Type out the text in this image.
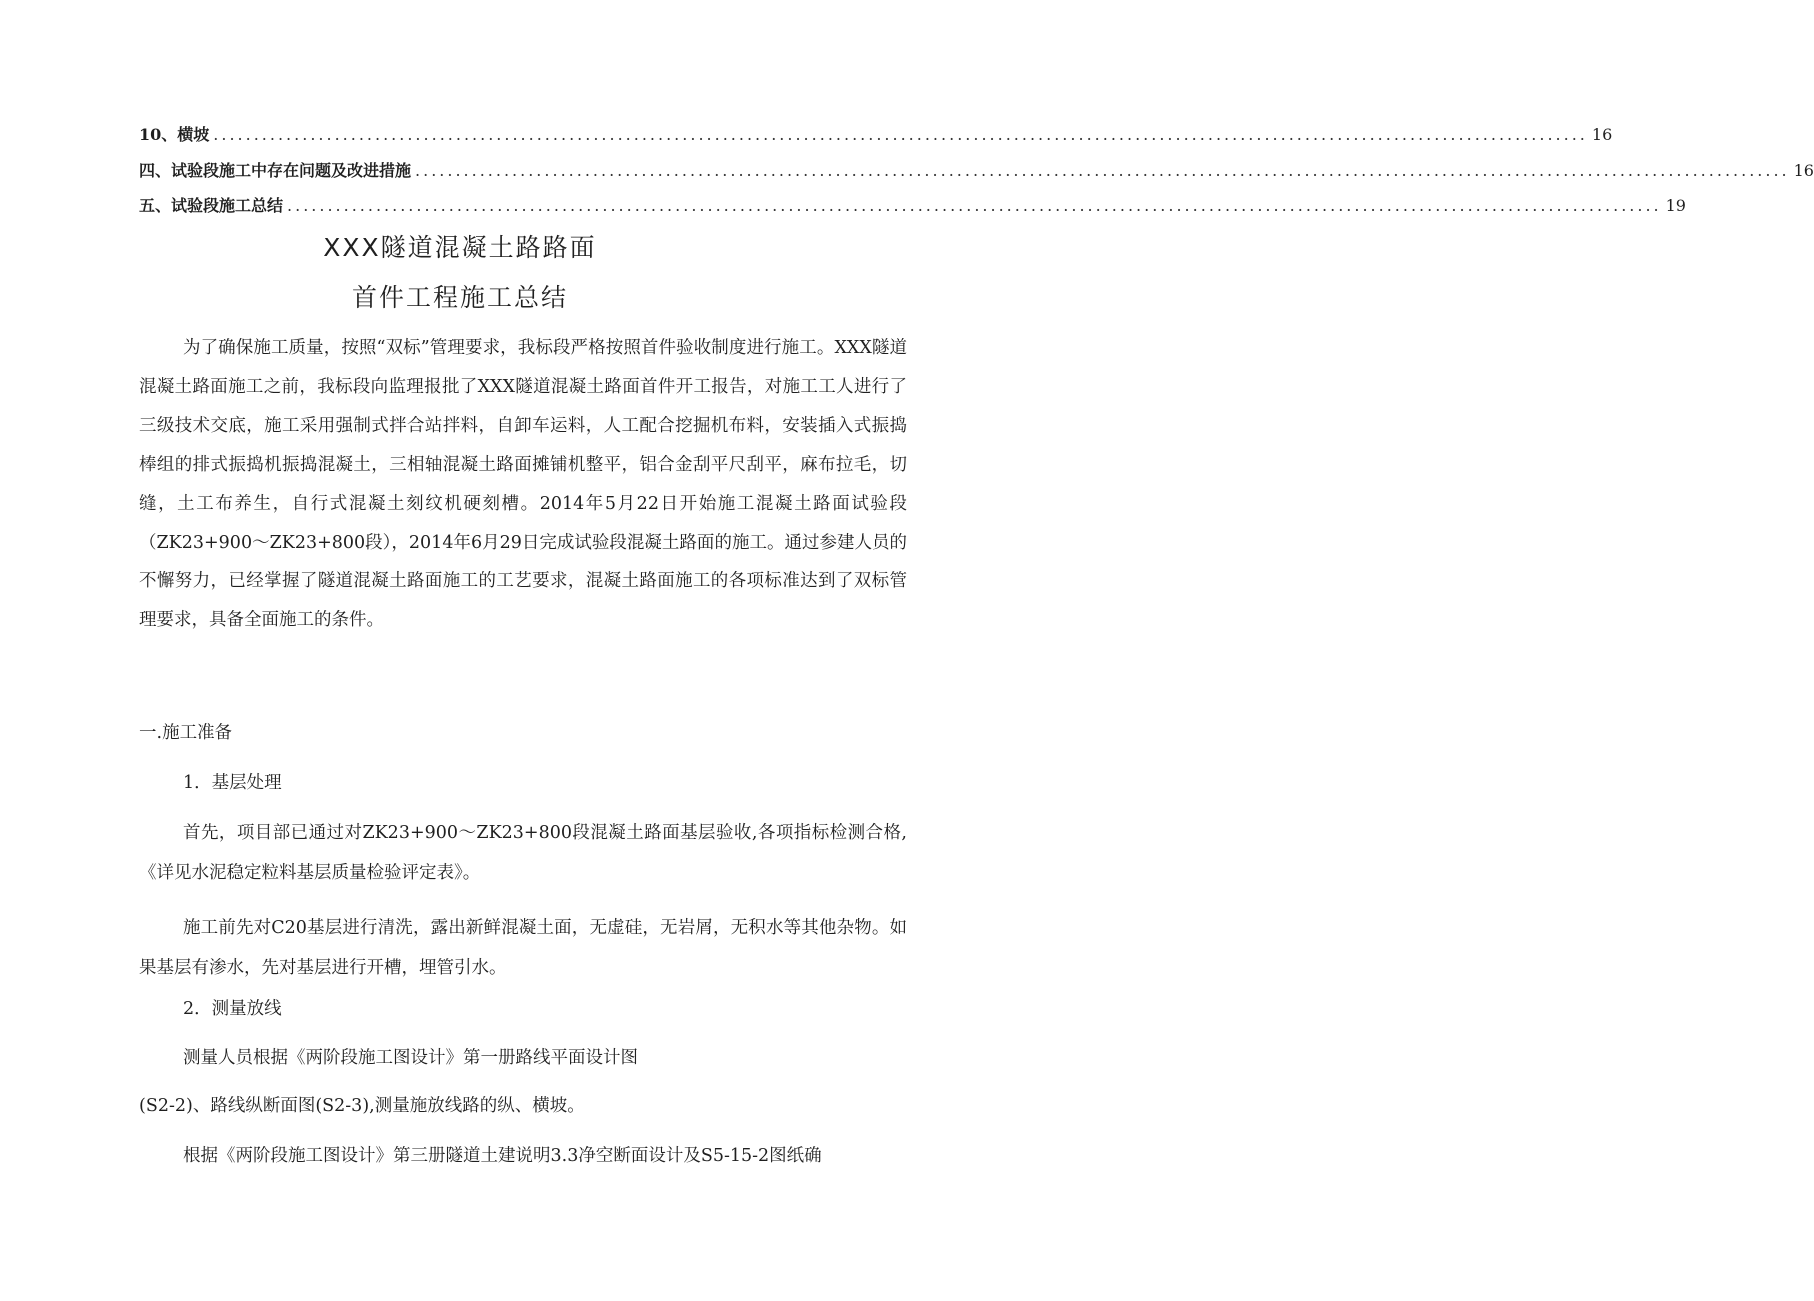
10、横坡 .......................................................................................................................................................................... 16
四、试验段施工中存在问题及改进措施 .......................................................................................................................................................................... 16
五、试验段施工总结 .......................................................................................................................................................................... 19
XXX隧道混凝土路路面
首件工程施工总结

为了确保施工质量，按照“双标”管理要求，我标段严格按照首件验收制度进行施工。XXX隧道混凝土路面施工之前，我标段向监理报批了XXX隧道混凝土路面首件开工报告，对施工工人进行了三级技术交底，施工采用强制式拌合站拌料，自卸车运料，人工配合挖掘机布料，安装插入式振捣棒组的排式振捣机振捣混凝土，三相轴混凝土路面摊铺机整平，铝合金刮平尺刮平，麻布拉毛，切缝，土工布养生，自行式混凝土刻纹机硬刻槽。2014年5月22日开始施工混凝土路面试验段（ZK23+900～ZK23+800段），2014年6月29日完成试验段混凝土路面的施工。通过参建人员的不懈努力，已经掌握了隧道混凝土路面施工的工艺要求，混凝土路面施工的各项标准达到了双标管理要求，具备全面施工的条件。

一.施工准备
1．基层处理

首先，项目部已通过对ZK23+900～ZK23+800段混凝土路面基层验收,各项指标检测合格,《详见水泥稳定粒料基层质量检验评定表》。

施工前先对C20基层进行清洗，露出新鲜混凝土面，无虚硅，无岩屑，无积水等其他杂物。如果基层有渗水，先对基层进行开槽，埋管引水。

2．测量放线
测量人员根据《两阶段施工图设计》第一册路线平面设计图
(S2-2)、路线纵断面图(S2-3),测量施放线路的纵、横坡。

根据《两阶段施工图设计》第三册隧道土建说明3.3净空断面设计及S5-15-2图纸确
